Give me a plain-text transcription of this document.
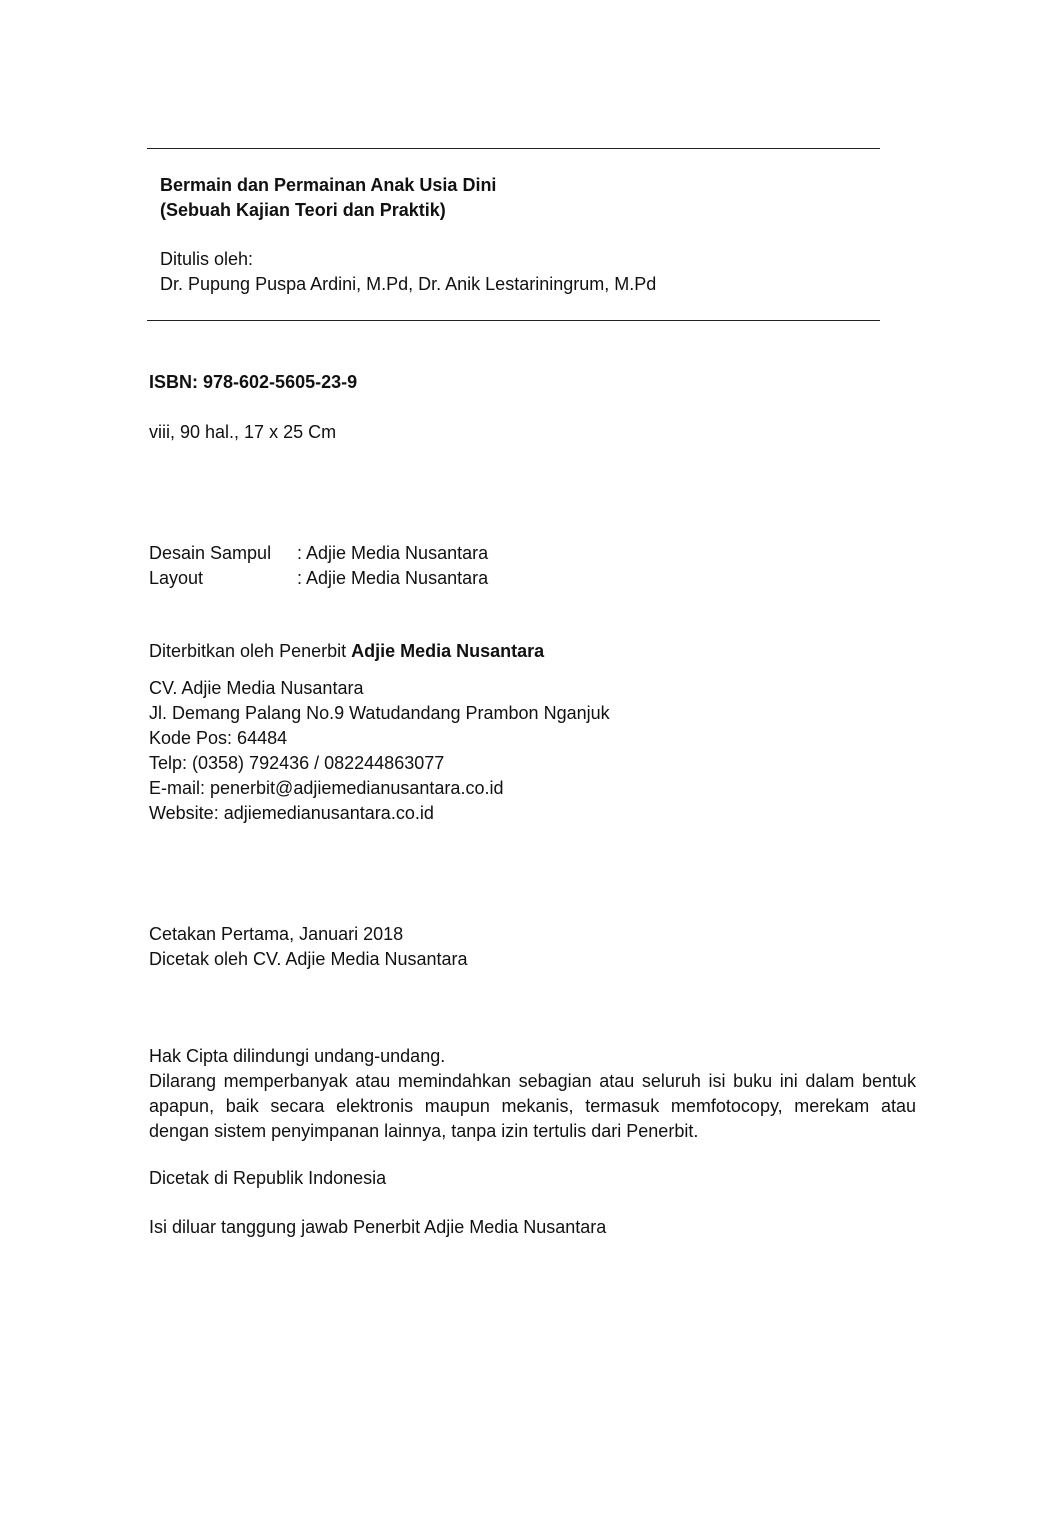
Bermain dan Permainan Anak Usia Dini
(Sebuah Kajian Teori dan Praktik)
Ditulis oleh:
Dr. Pupung Puspa Ardini, M.Pd, Dr. Anik Lestariningrum, M.Pd
ISBN: 978-602-5605-23-9
viii, 90 hal., 17 x 25 Cm
Desain Sampul	: Adjie Media Nusantara
Layout	: Adjie Media Nusantara
Diterbitkan oleh Penerbit Adjie Media Nusantara
CV. Adjie Media Nusantara
Jl. Demang Palang No.9 Watudandang Prambon Nganjuk
Kode Pos: 64484
Telp: (0358) 792436 / 082244863077
E-mail: penerbit@adjiemedianusantara.co.id
Website: adjiemedianusantara.co.id
Cetakan Pertama, Januari 2018
Dicetak oleh CV. Adjie Media Nusantara
Hak Cipta dilindungi undang-undang.
Dilarang memperbanyak atau memindahkan sebagian atau seluruh isi buku ini dalam bentuk apapun, baik secara elektronis maupun mekanis, termasuk memfotocopy, merekam atau dengan sistem penyimpanan lainnya, tanpa izin tertulis dari Penerbit.
Dicetak di Republik Indonesia
Isi diluar tanggung jawab Penerbit Adjie Media Nusantara
